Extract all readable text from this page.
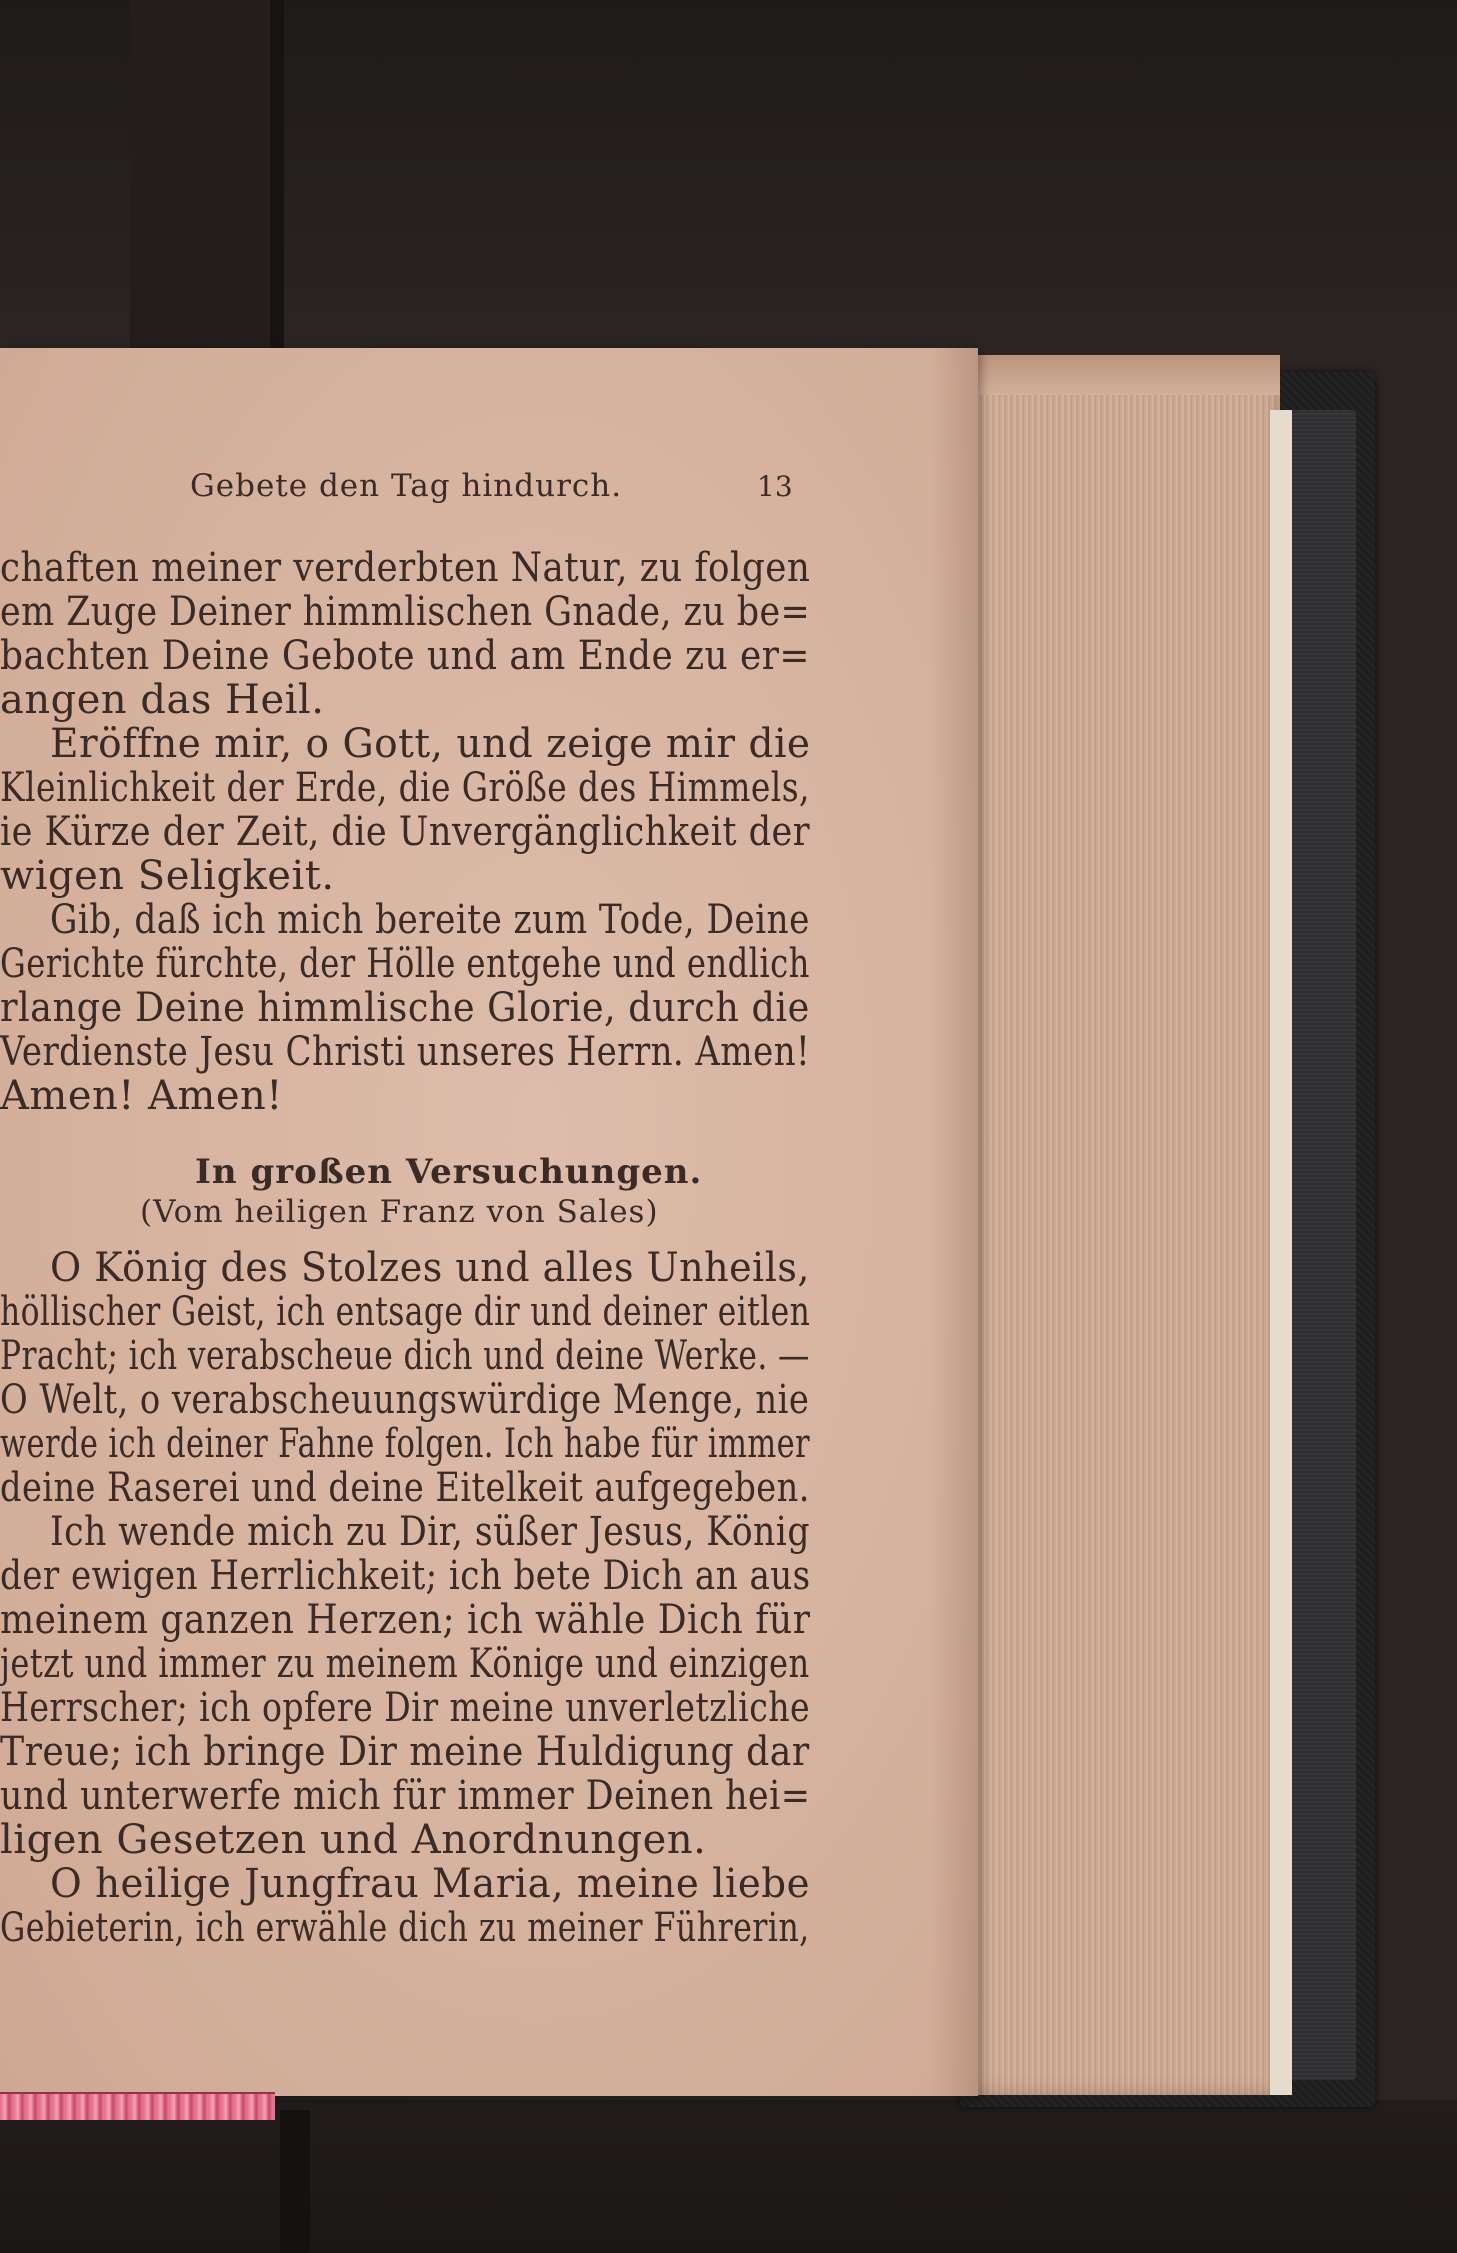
Gebete den Tag hindurch.	13
chaften meiner verderbten Natur, zu folgen
em Zuge Deiner himmlischen Gnade, zu be=
bachten Deine Gebote und am Ende zu er=
angen das Heil.
Eröffne mir, o Gott, und zeige mir die
Kleinlichkeit der Erde, die Größe des Himmels,
ie Kürze der Zeit, die Unvergänglichkeit der
wigen Seligkeit.
Gib, daß ich mich bereite zum Tode, Deine
Gerichte fürchte, der Hölle entgehe und endlich
rlange Deine himmlische Glorie, durch die
Verdienste Jesu Christi unseres Herrn. Amen!
Amen! Amen!
In großen Versuchungen.
(Vom heiligen Franz von Sales)
O König des Stolzes und alles Unheils,
höllischer Geist, ich entsage dir und deiner eitlen
Pracht; ich verabscheue dich und deine Werke. —
O Welt, o verabscheuungswürdige Menge, nie
werde ich deiner Fahne folgen. Ich habe für immer
deine Raserei und deine Eitelkeit aufgegeben.
Ich wende mich zu Dir, süßer Jesus, König
der ewigen Herrlichkeit; ich bete Dich an aus
meinem ganzen Herzen; ich wähle Dich für
jetzt und immer zu meinem Könige und einzigen
Herrscher; ich opfere Dir meine unverletzliche
Treue; ich bringe Dir meine Huldigung dar
und unterwerfe mich für immer Deinen hei=
ligen Gesetzen und Anordnungen.
O heilige Jungfrau Maria, meine liebe
Gebieterin, ich erwähle dich zu meiner Führerin,
